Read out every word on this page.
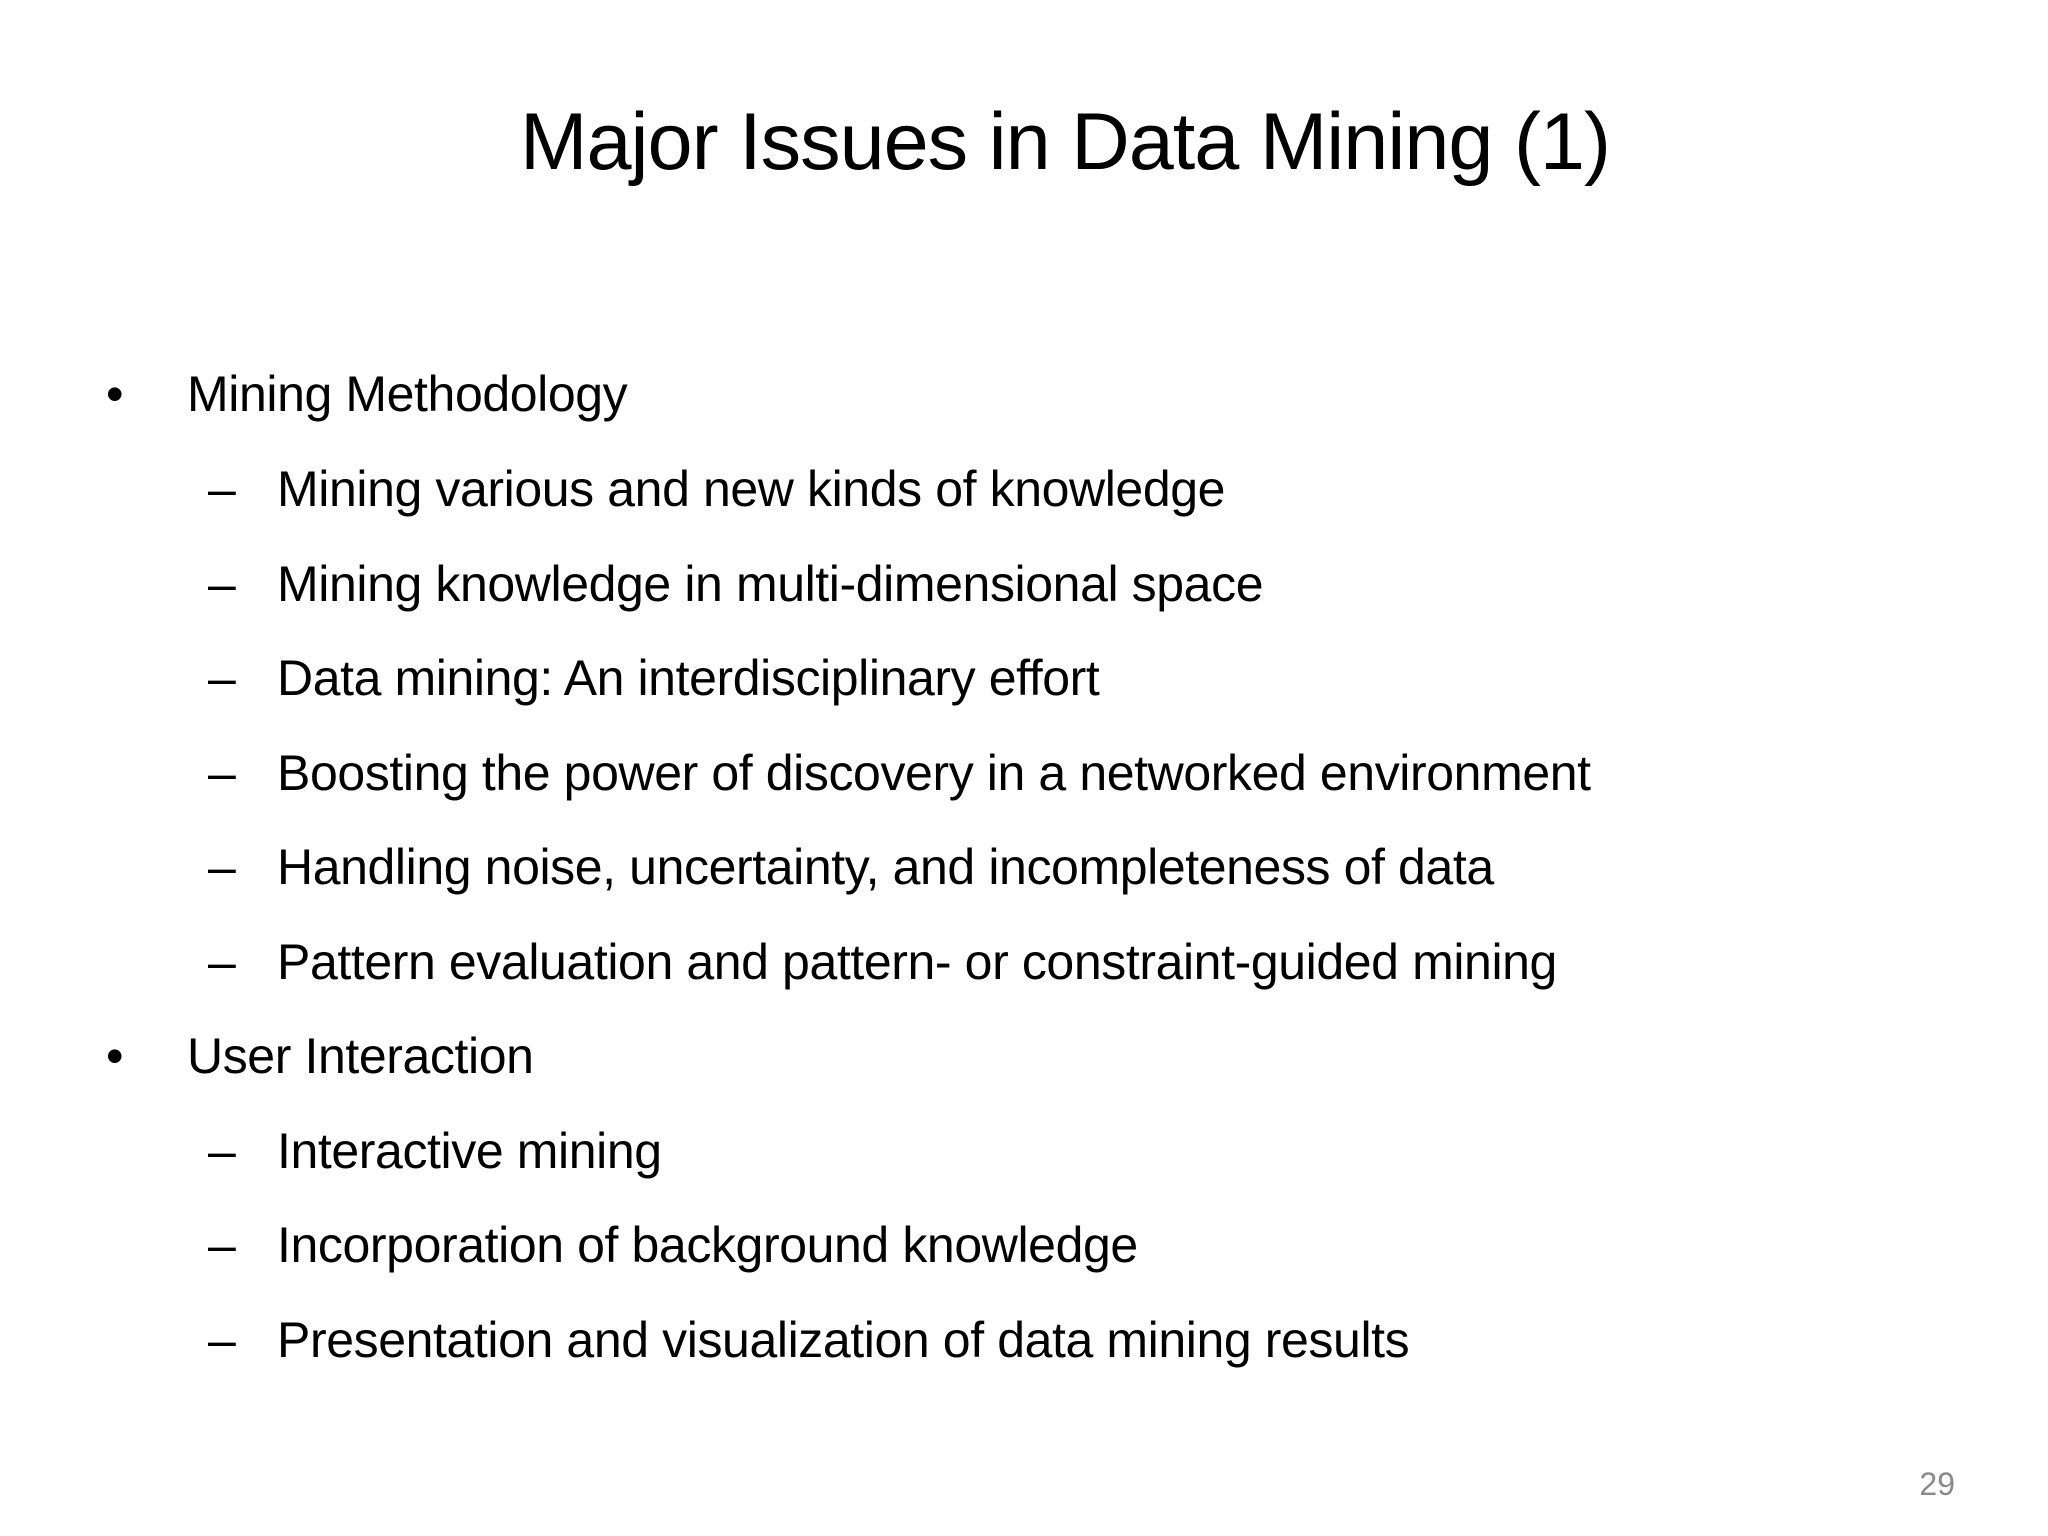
Major Issues in Data Mining (1)
• Mining Methodology
– Mining various and new kinds of knowledge
– Mining knowledge in multi-dimensional space
– Data mining: An interdisciplinary effort
– Boosting the power of discovery in a networked environment
– Handling noise, uncertainty, and incompleteness of data
– Pattern evaluation and pattern- or constraint-guided mining
• User Interaction
– Interactive mining
– Incorporation of background knowledge
– Presentation and visualization of data mining results
29
